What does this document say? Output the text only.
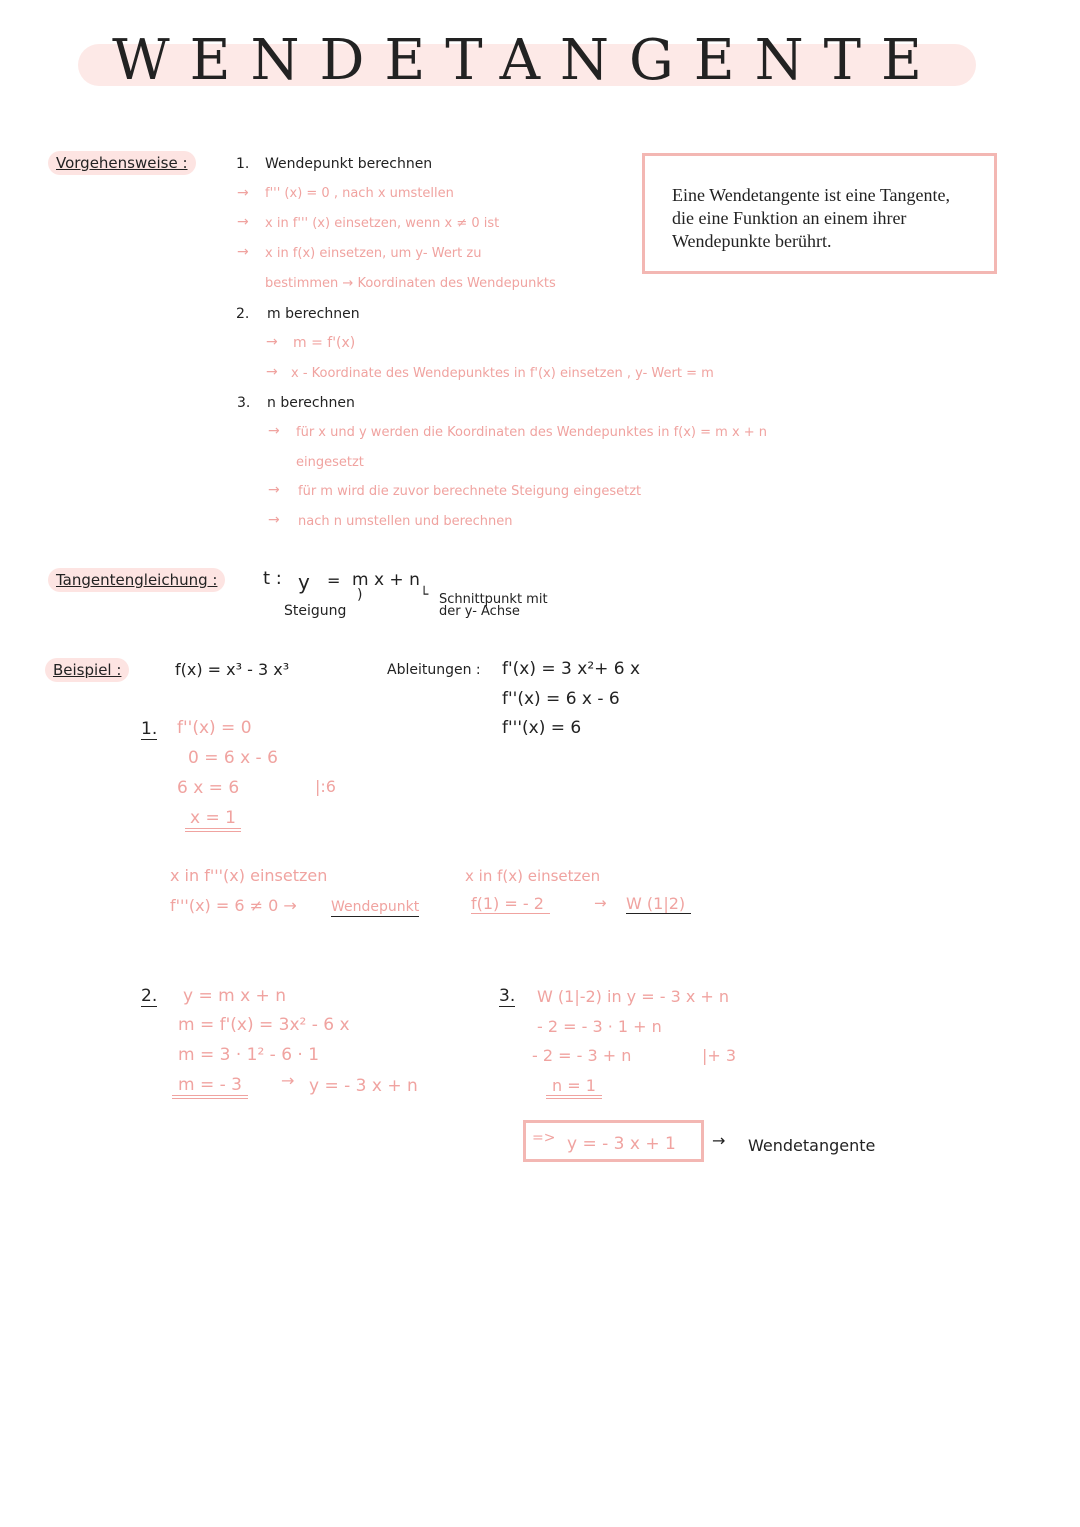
WENDETANGENTE
Eine Wendetangente ist eine Tangente,
die eine Funktion an einem ihrer
Wendepunkte berührt.
Vorgehensweise :	1. Wendepunkt berechnen
→ f''' (x) = 0 , nach x umstellen
→ x in f''' (x) einsetzen, wenn x ≠ 0 ist
→ x in f(x) einsetzen, um y- Wert zu
bestimmen → Koordinaten des Wendepunkts
2. m berechnen
→ m = f'(x)
→ x - Koordinate des Wendepunktes in f'(x) einsetzen , y- Wert = m
3. n berechnen
→ für x und y werden die Koordinaten des Wendepunktes in f(x) = m x + n
eingesetzt
→ für m wird die zuvor berechnete Steigung eingesetzt
→ nach n umstellen und berechnen
Tangentengleichung :	t : y = m x + n
)
Steigung
└ Schnittpunkt mit
der y- Achse
Beispiel :	f(x) = x³ - 3 x³	Ableitungen : f'(x) = 3 x²+ 6 x
f''(x) = 6 x - 6
f'''(x) = 6
1. f''(x) = 0
0 = 6 x - 6
6 x = 6	|:6
x = 1
x in f'''(x) einsetzen
f'''(x) = 6 ≠ 0 → Wendepunkt
x in f(x) einsetzen
f(1) = - 2	→ W (1|2)
2. y = m x + n
m = f'(x) = 3x² - 6 x
m = 3 · 1² - 6 · 1
m = - 3	→ y = - 3 x + n
3. W (1|-2) in y = - 3 x + n
- 2 = - 3 · 1 + n
- 2 = - 3 + n	|+ 3
n = 1
=> y = - 3 x + 1 → Wendetangente
